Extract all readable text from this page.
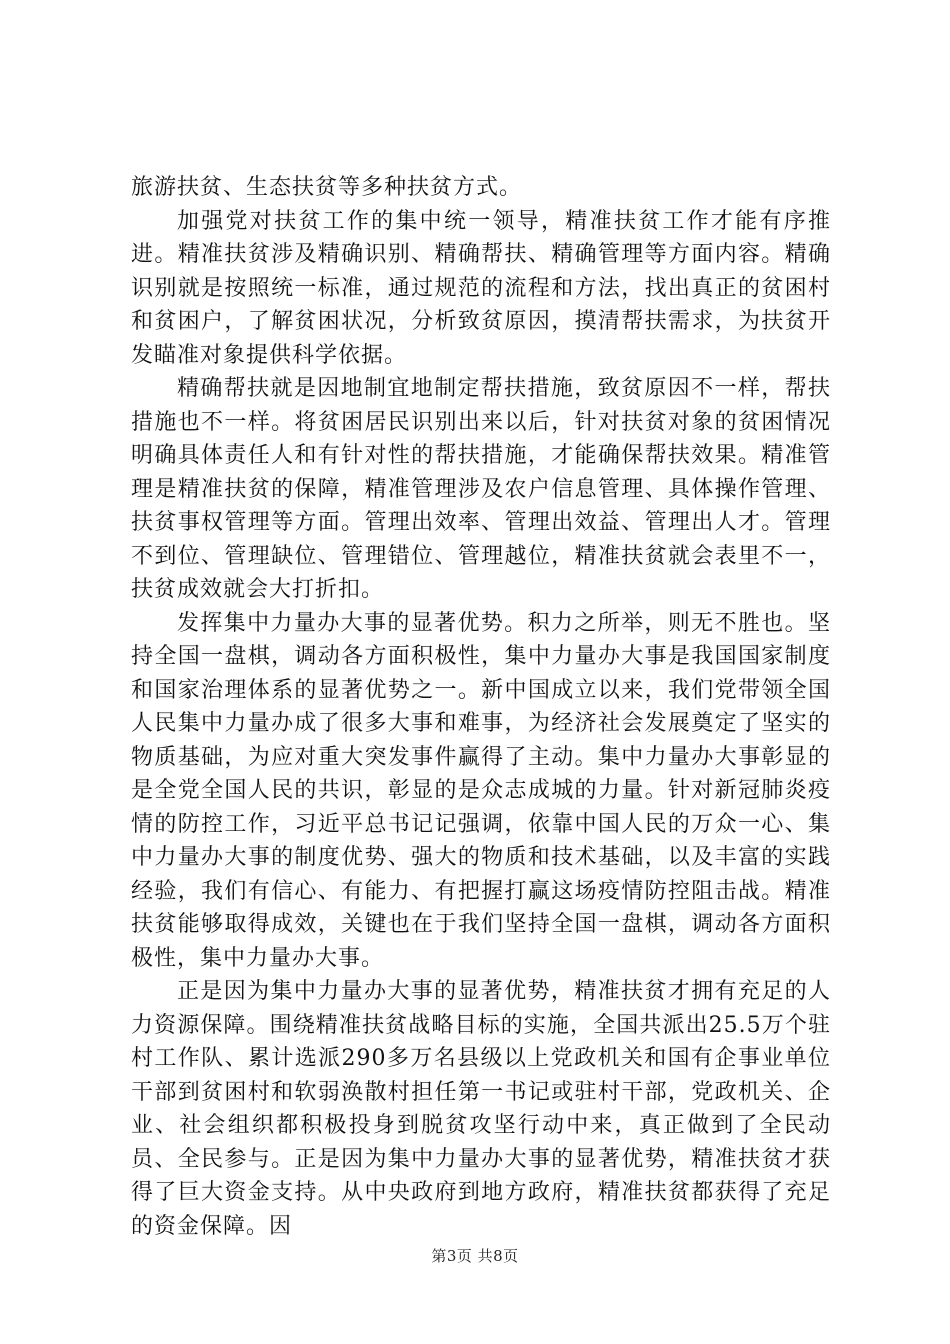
旅游扶贫、生态扶贫等多种扶贫方式。

加强党对扶贫工作的集中统一领导，精准扶贫工作才能有序推进。精准扶贫涉及精确识别、精确帮扶、精确管理等方面内容。精确识别就是按照统一标准，通过规范的流程和方法，找出真正的贫困村和贫困户，了解贫困状况，分析致贫原因，摸清帮扶需求，为扶贫开发瞄准对象提供科学依据。

精确帮扶就是因地制宜地制定帮扶措施，致贫原因不一样，帮扶措施也不一样。将贫困居民识别出来以后，针对扶贫对象的贫困情况明确具体责任人和有针对性的帮扶措施，才能确保帮扶效果。精准管理是精准扶贫的保障，精准管理涉及农户信息管理、具体操作管理、扶贫事权管理等方面。管理出效率、管理出效益、管理出人才。管理不到位、管理缺位、管理错位、管理越位，精准扶贫就会表里不一，扶贫成效就会大打折扣。

发挥集中力量办大事的显著优势。积力之所举，则无不胜也。坚持全国一盘棋，调动各方面积极性，集中力量办大事是我国国家制度和国家治理体系的显著优势之一。新中国成立以来，我们党带领全国人民集中力量办成了很多大事和难事，为经济社会发展奠定了坚实的物质基础，为应对重大突发事件赢得了主动。集中力量办大事彰显的是全党全国人民的共识，彰显的是众志成城的力量。针对新冠肺炎疫情的防控工作，习近平总书记记强调，依靠中国人民的万众一心、集中力量办大事的制度优势、强大的物质和技术基础，以及丰富的实践经验，我们有信心、有能力、有把握打赢这场疫情防控阻击战。精准扶贫能够取得成效，关键也在于我们坚持全国一盘棋，调动各方面积极性，集中力量办大事。

正是因为集中力量办大事的显著优势，精准扶贫才拥有充足的人力资源保障。围绕精准扶贫战略目标的实施，全国共派出25.5万个驻村工作队、累计选派290多万名县级以上党政机关和国有企事业单位干部到贫困村和软弱涣散村担任第一书记或驻村干部，党政机关、企业、社会组织都积极投身到脱贫攻坚行动中来，真正做到了全民动员、全民参与。正是因为集中力量办大事的显著优势，精准扶贫才获得了巨大资金支持。从中央政府到地方政府，精准扶贫都获得了充足的资金保障。因

第3页 共8页
